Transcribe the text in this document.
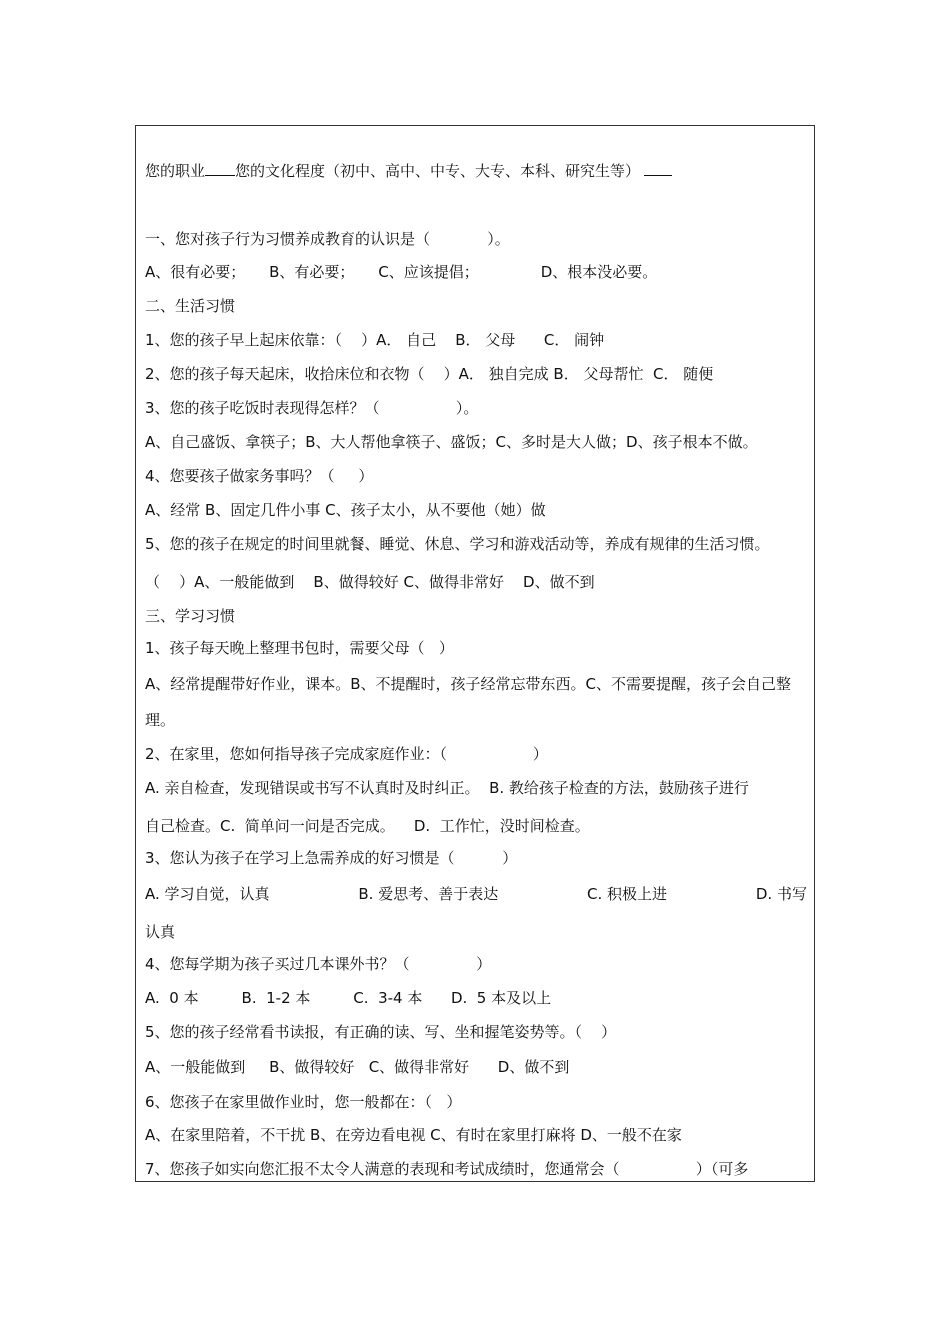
您的职业 您的文化程度（初中、高中、中专、大专、本科、研究生等）
一、您对孩子行为习惯养成教育的认识是（            ）。
A、很有必要；     B、有必要；     C、应该提倡；             D、根本没必要。
二、生活习惯
1、您的孩子早上起床依靠：（    ）A． 自己    B． 父母      C． 闹钟
2、您的孩子每天起床，收拾床位和衣物（    ）A． 独自完成 B． 父母帮忙  C． 随便
3、您的孩子吃饭时表现得怎样？（                ）。
A、自己盛饭、拿筷子；B、大人帮他拿筷子、盛饭；C、多时是大人做；D、孩子根本不做。
4、您要孩子做家务事吗？（     ）
A、经常 B、固定几件小事 C、孩子太小，从不要他（她）做
5、您的孩子在规定的时间里就餐、睡觉、休息、学习和游戏活动等，养成有规律的生活习惯。
（    ）A、一般能做到    B、做得较好 C、做得非常好    D、做不到
三、学习习惯
1、孩子每天晚上整理书包时，需要父母（   ）
A、经常提醒带好作业，课本。B、不提醒时，孩子经常忘带东西。C、不需要提醒，孩子会自己整
理。
2、在家里，您如何指导孩子完成家庭作业：（                  ）
A. 亲自检查，发现错误或书写不认真时及时纠正。  B. 教给孩子检查的方法，鼓励孩子进行
自己检查。C.  简单问一问是否完成。    D.  工作忙，没时间检查。
3、您认为孩子在学习上急需养成的好习惯是（          ）
A. 学习自觉，认真	B. 爱思考、善于表达	C. 积极上进	D. 书写
认真
4、您每学期为孩子买过几本课外书？（              ）
A.  0 本         B.  1-2 本         C.  3-4 本      D.  5 本及以上
5、您的孩子经常看书读报，有正确的读、写、坐和握笔姿势等。（    ）
A、一般能做到     B、做得较好   C、做得非常好      D、做不到
6、您孩子在家里做作业时，您一般都在：（   ）
A、在家里陪着，不干扰 B、在旁边看电视 C、有时在家里打麻将 D、一般不在家
7、您孩子如实向您汇报不太令人满意的表现和考试成绩时，您通常会（                ）（可多
